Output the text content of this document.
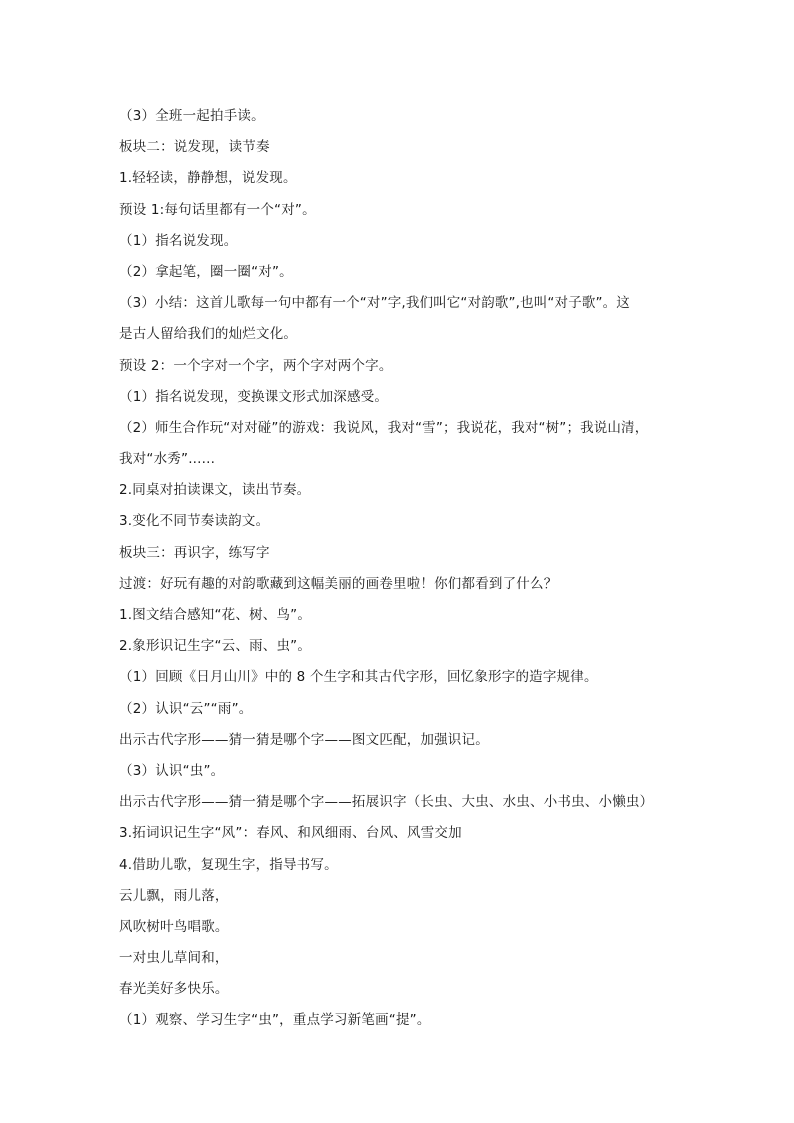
（3）全班一起拍手读。
板块二：说发现，读节奏
1.轻轻读，静静想，说发现。
预设 1:每句话里都有一个“对”。
（1）指名说发现。
（2）拿起笔，圈一圈“对”。
（3）小结：这首儿歌每一句中都有一个“对”字,我们叫它“对韵歌”,也叫“对子歌”。这
是古人留给我们的灿烂文化。
预设 2：一个字对一个字，两个字对两个字。
（1）指名说发现，变换课文形式加深感受。
（2）师生合作玩“对对碰”的游戏：我说风，我对“雪”；我说花，我对“树”；我说山清，
我对“水秀”......
2.同桌对拍读课文，读出节奏。
3.变化不同节奏读韵文。
板块三：再识字，练写字
过渡：好玩有趣的对韵歌藏到这幅美丽的画卷里啦！你们都看到了什么？
1.图文结合感知“花、树、鸟”。
2.象形识记生字“云、雨、虫”。
（1）回顾《日月山川》中的 8 个生字和其古代字形，回忆象形字的造字规律。
（2）认识“云”“雨”。
出示古代字形——猜一猜是哪个字——图文匹配，加强识记。
（3）认识“虫”。
出示古代字形——猜一猜是哪个字——拓展识字（长虫、大虫、水虫、小书虫、小懒虫）
3.拓词识记生字“风”：春风、和风细雨、台风、风雪交加
4.借助儿歌，复现生字，指导书写。
云儿飘，雨儿落，
风吹树叶鸟唱歌。
一对虫儿草间和，
春光美好多快乐。
（1）观察、学习生字“虫”，重点学习新笔画“提”。
